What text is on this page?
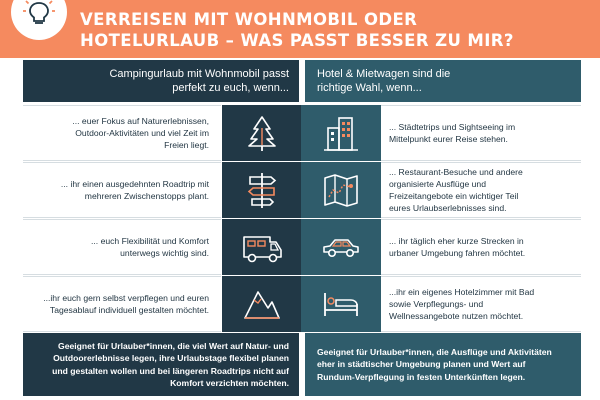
VERREISEN MIT WOHNMOBIL ODER
HOTELURLAUB – WAS PASST BESSER ZU MIR?
Campingurlaub mit Wohnmobil passt
perfekt zu euch, wenn...
Hotel & Mietwagen sind die
richtige Wahl, wenn...
... euer Fokus auf Naturerlebnissen,
Outdoor-Aktivitäten und viel Zeit im
Freien liegt.
... Städtetrips und Sightseeing im
Mittelpunkt eurer Reise stehen.
... ihr einen ausgedehnten Roadtrip mit
mehreren Zwischenstopps plant.
... Restaurant-Besuche und andere
organisierte Ausflüge und
Freizeitangebote ein wichtiger Teil
eures Urlaubserlebnisses sind.
... euch Flexibilität und Komfort
unterwegs wichtig sind.
... ihr täglich eher kurze Strecken in
urbaner Umgebung fahren möchtet.
...ihr euch gern selbst verpflegen und euren
Tagesablauf individuell gestalten möchtet.
...ihr ein eigenes Hotelzimmer mit Bad
sowie Verpflegungs- und
Wellnessangebote nutzen möchtet.
Geeignet für Urlauber*innen, die viel Wert auf Natur- und
Outdoorerlebnisse legen, ihre Urlaubstage flexibel planen
und gestalten wollen und bei längeren Roadtrips nicht auf
Komfort verzichten möchten.
Geeignet für Urlauber*innen, die Ausflüge und Aktivitäten
eher in städtischer Umgebung planen und Wert auf
Rundum-Verpflegung in festen Unterkünften legen.
